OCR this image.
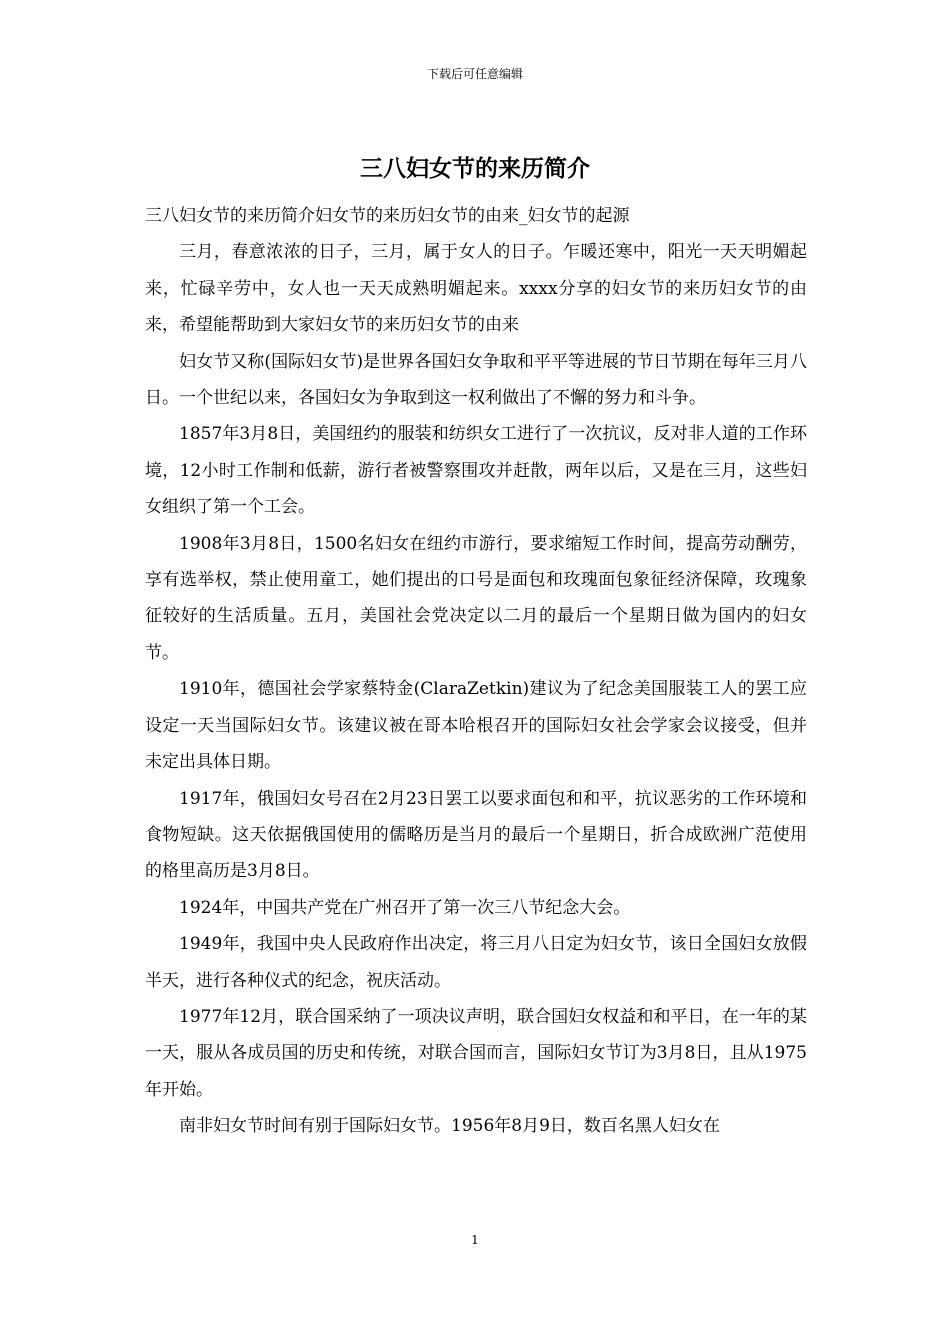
下载后可任意编辑
三八妇女节的来历简介

三八妇女节的来历简介妇女节的来历妇女节的由来_妇女节的起源

三月，春意浓浓的日子，三月，属于女人的日子。乍暖还寒中，阳光一天天明媚起来，忙碌辛劳中，女人也一天天成熟明媚起来。xxxx分享的妇女节的来历妇女节的由来，希望能帮助到大家妇女节的来历妇女节的由来

妇女节又称(国际妇女节)是世界各国妇女争取和平平等进展的节日节期在每年三月八日。一个世纪以来，各国妇女为争取到这一权利做出了不懈的努力和斗争。

1857年3月8日，美国纽约的服装和纺织女工进行了一次抗议，反对非人道的工作环境，12小时工作制和低薪，游行者被警察围攻并赶散，两年以后，又是在三月，这些妇女组织了第一个工会。

1908年3月8日，1500名妇女在纽约市游行，要求缩短工作时间，提高劳动酬劳，享有选举权，禁止使用童工，她们提出的口号是面包和玫瑰面包象征经济保障，玫瑰象征较好的生活质量。五月，美国社会党决定以二月的最后一个星期日做为国内的妇女节。

1910年，德国社会学家蔡特金(ClaraZetkin)建议为了纪念美国服装工人的罢工应设定一天当国际妇女节。该建议被在哥本哈根召开的国际妇女社会学家会议接受，但并未定出具体日期。

1917年，俄国妇女号召在2月23日罢工以要求面包和和平，抗议恶劣的工作环境和食物短缺。这天依据俄国使用的儒略历是当月的最后一个星期日，折合成欧洲广范使用的格里高历是3月8日。

1924年，中国共产党在广州召开了第一次三八节纪念大会。

1949年，我国中央人民政府作出决定，将三月八日定为妇女节，该日全国妇女放假半天，进行各种仪式的纪念，祝庆活动。

1977年12月，联合国采纳了一项决议声明，联合国妇女权益和和平日，在一年的某一天，服从各成员国的历史和传统，对联合国而言，国际妇女节订为3月8日，且从1975年开始。

南非妇女节时间有别于国际妇女节。1956年8月9日，数百名黑人妇女在

1
